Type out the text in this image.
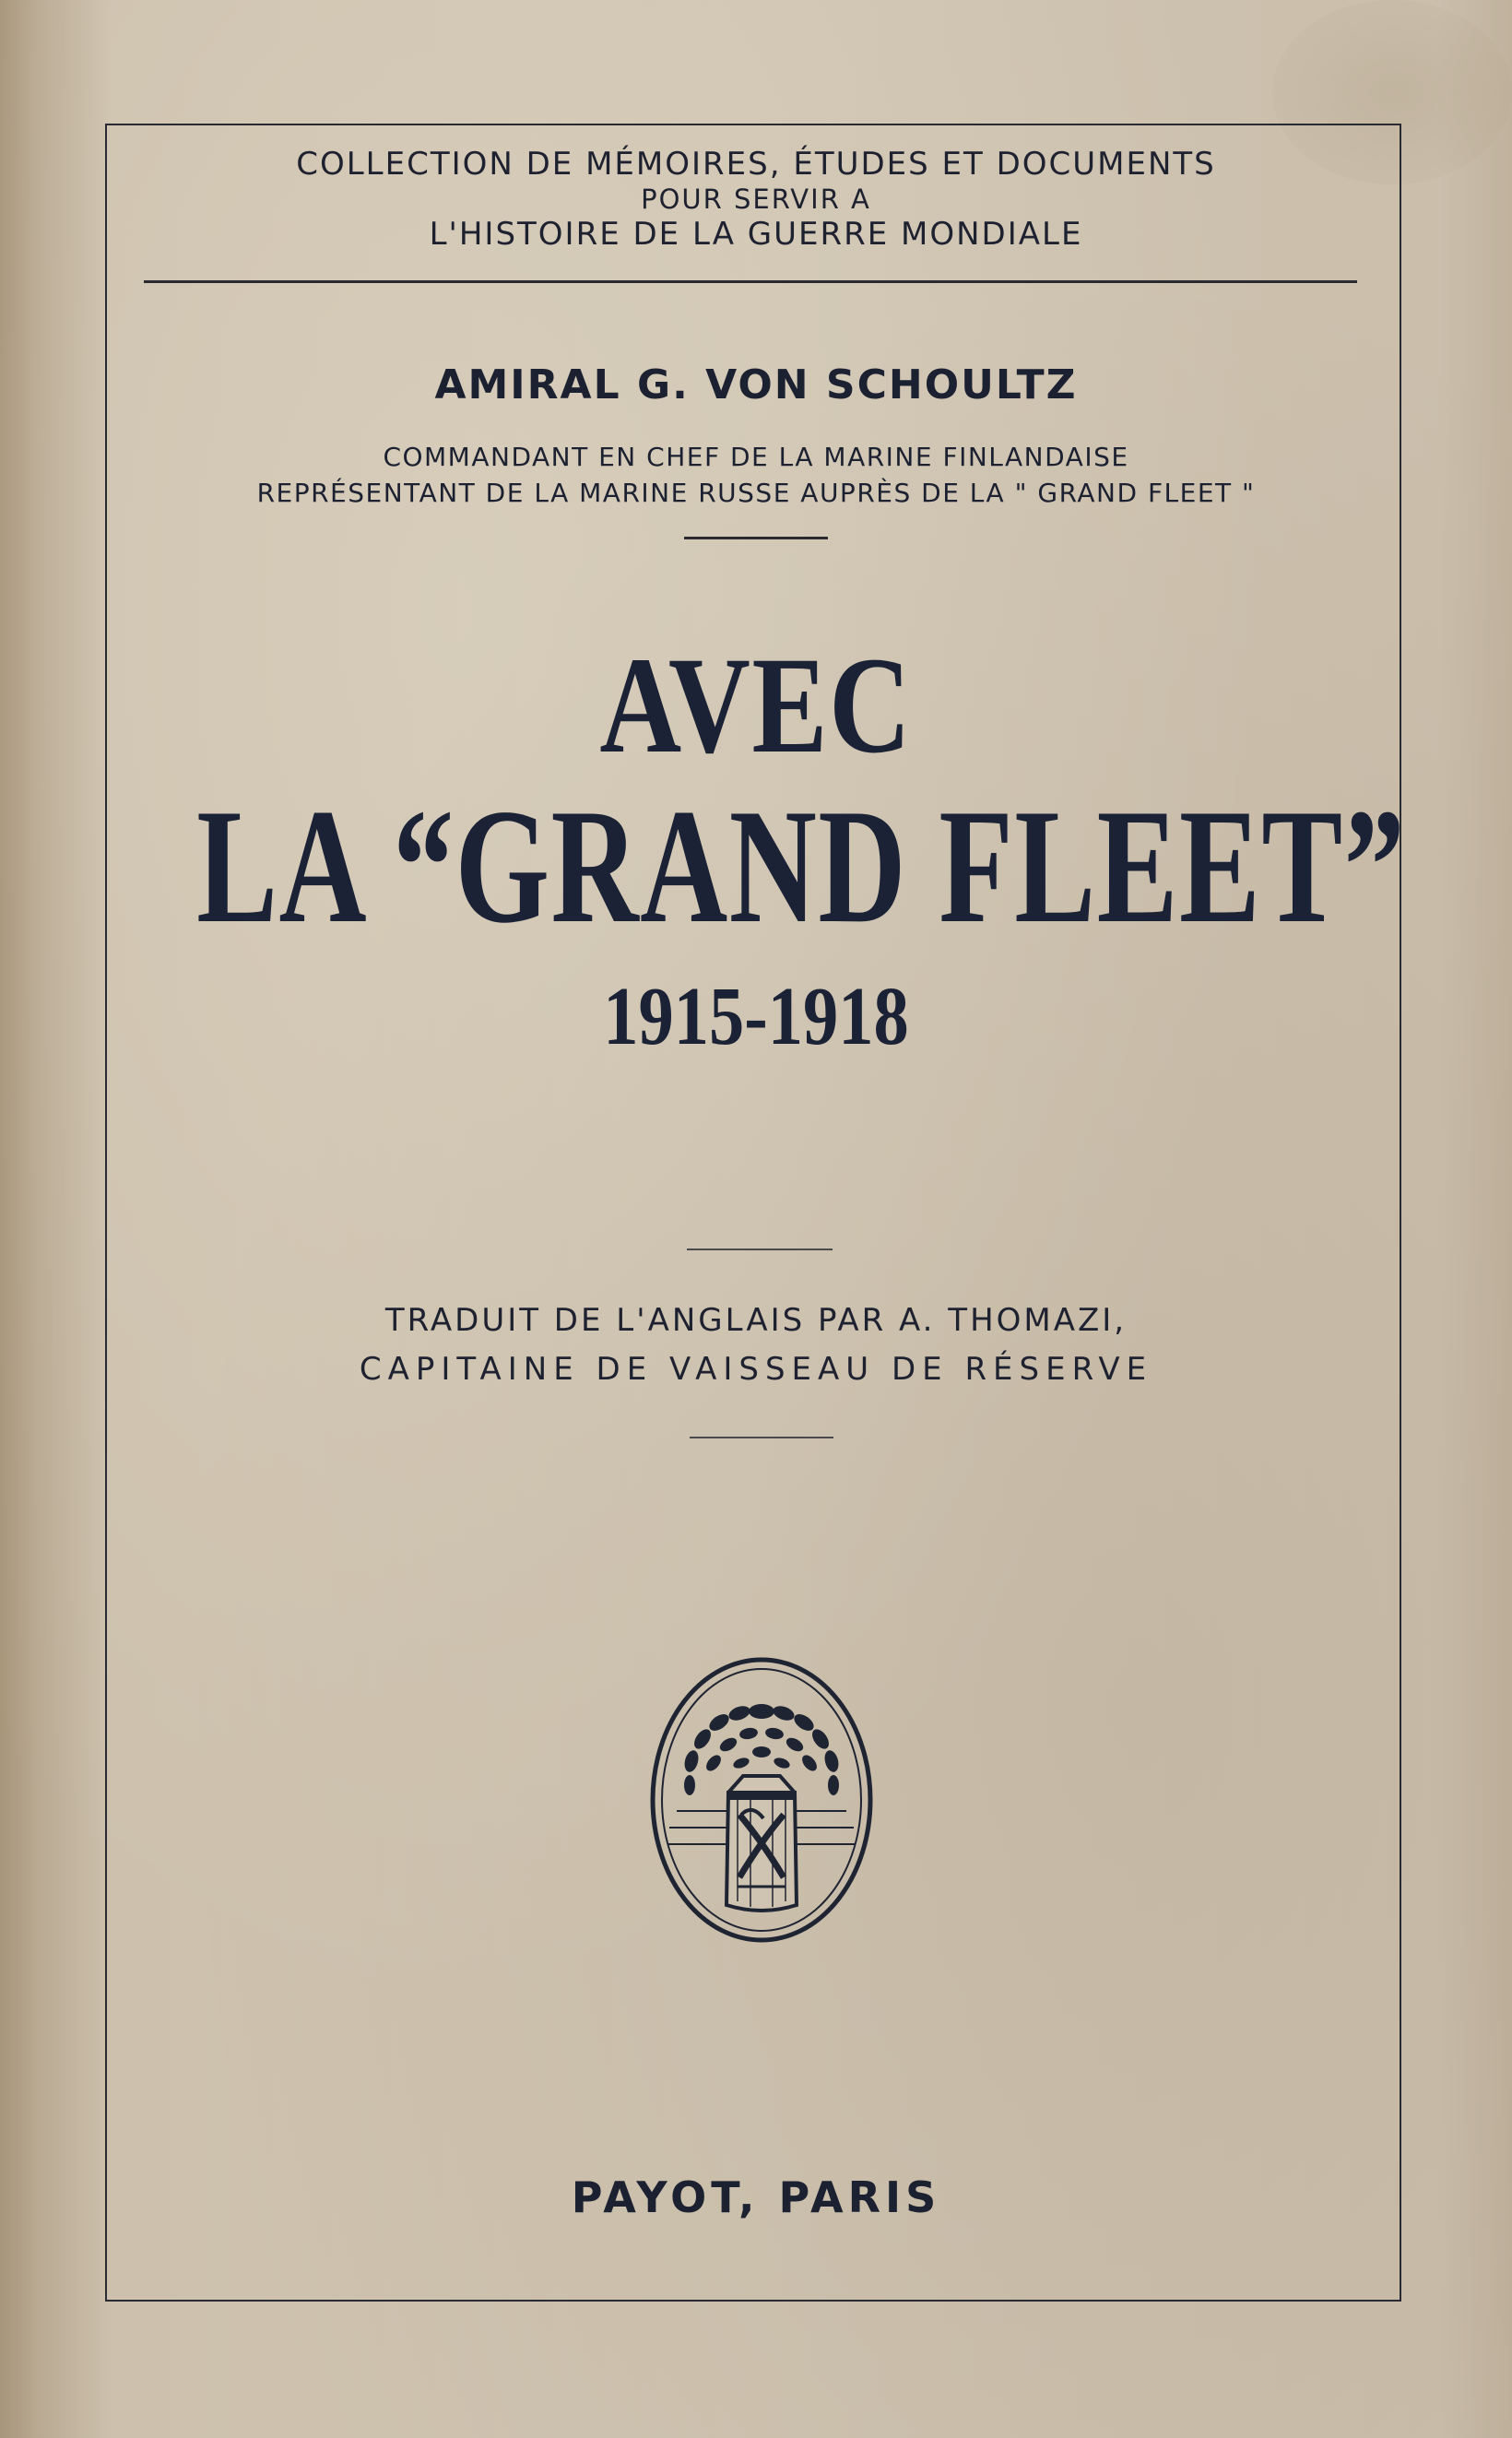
COLLECTION DE MÉMOIRES, ÉTUDES ET DOCUMENTS
POUR SERVIR A
L'HISTOIRE DE LA GUERRE MONDIALE
AMIRAL G. VON SCHOULTZ
COMMANDANT EN CHEF DE LA MARINE FINLANDAISE
REPRÉSENTANT DE LA MARINE RUSSE AUPRÈS DE LA " GRAND FLEET "
AVEC
LA “GRAND FLEET”
1915-1918
TRADUIT DE L'ANGLAIS PAR A. THOMAZI,
CAPITAINE DE VAISSEAU DE RÉSERVE
PAYOT, PARIS
